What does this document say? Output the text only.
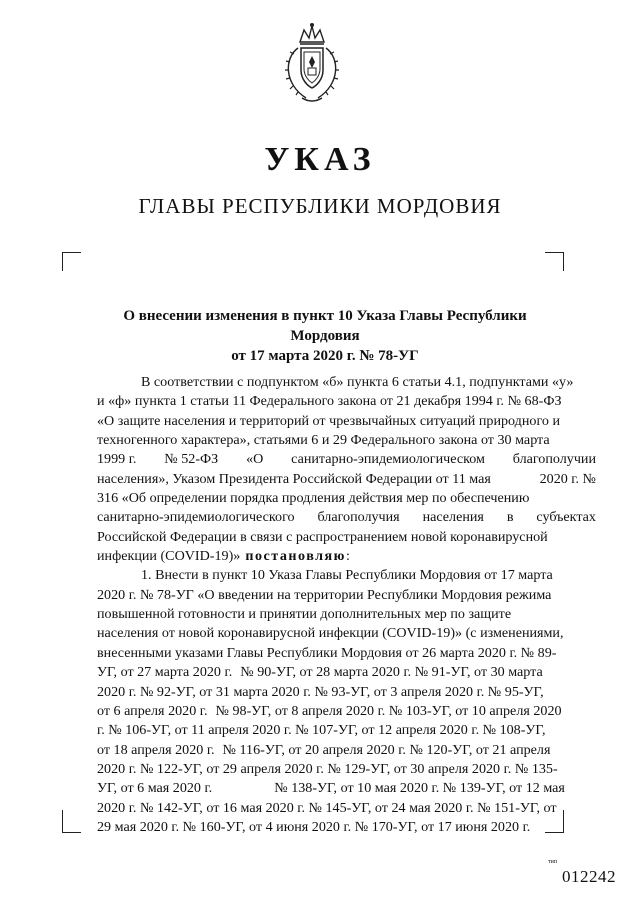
УКАЗ
ГЛАВЫ РЕСПУБЛИКИ МОРДОВИЯ
О внесении изменения в пункт 10 Указа Главы Республики Мордовия
от 17 марта 2020 г. № 78-УГ
В соответствии с подпунктом «б» пункта 6 статьи 4.1, подпунктами «у»
и «ф» пункта 1 статьи 11 Федерального закона от 21 декабря 1994 г. № 68-ФЗ
«О защите населения и территорий от чрезвычайных ситуаций природного и
техногенного характера», статьями 6 и 29 Федерального закона от 30 марта
1999 г. № 52-ФЗ «О санитарно-эпидемиологическом благополучии
населения», Указом Президента Российской Федерации от 11 мая	2020 г. №
316 «Об определении порядка продления действия мер по обеспечению
санитарно-эпидемиологического благополучия населения в субъектах
Российской Федерации в связи с распространением новой коронавирусной
инфекции (COVID-19)» постановляю :
1. Внести в пункт 10 Указа Главы Республики Мордовия от 17 марта
2020 г. № 78-УГ «О введении на территории Республики Мордовия режима
повышенной готовности и принятии дополнительных мер по защите
населения от новой коронавирусной инфекции (COVID-19)» (с изменениями,
внесенными указами Главы Республики Мордовия от 26 марта 2020 г. № 89-
УГ, от 27 марта 2020 г. № 90-УГ, от 28 марта 2020 г. № 91-УГ, от 30 марта
2020 г. № 92-УГ, от 31 марта 2020 г. № 93-УГ, от 3 апреля 2020 г. № 95-УГ,
от 6 апреля 2020 г. № 98-УГ, от 8 апреля 2020 г. № 103-УГ, от 10 апреля 2020
г. № 106-УГ, от 11 апреля 2020 г. № 107-УГ, от 12 апреля 2020 г. № 108-УГ,
от 18 апреля 2020 г. № 116-УГ, от 20 апреля 2020 г. № 120-УГ, от 21 апреля
2020 г. № 122-УГ, от 29 апреля 2020 г. № 129-УГ, от 30 апреля 2020 г. № 135-
УГ, от 6 мая 2020 г.	№ 138-УГ, от 10 мая 2020 г. № 139-УГ, от 12 мая
2020 г. № 142-УГ, от 16 мая 2020 г. № 145-УГ, от 24 мая 2020 г. № 151-УГ, от
29 мая 2020 г. № 160-УГ, от 4 июня 2020 г. № 170-УГ, от 17 июня 2020 г.
тип
012242
